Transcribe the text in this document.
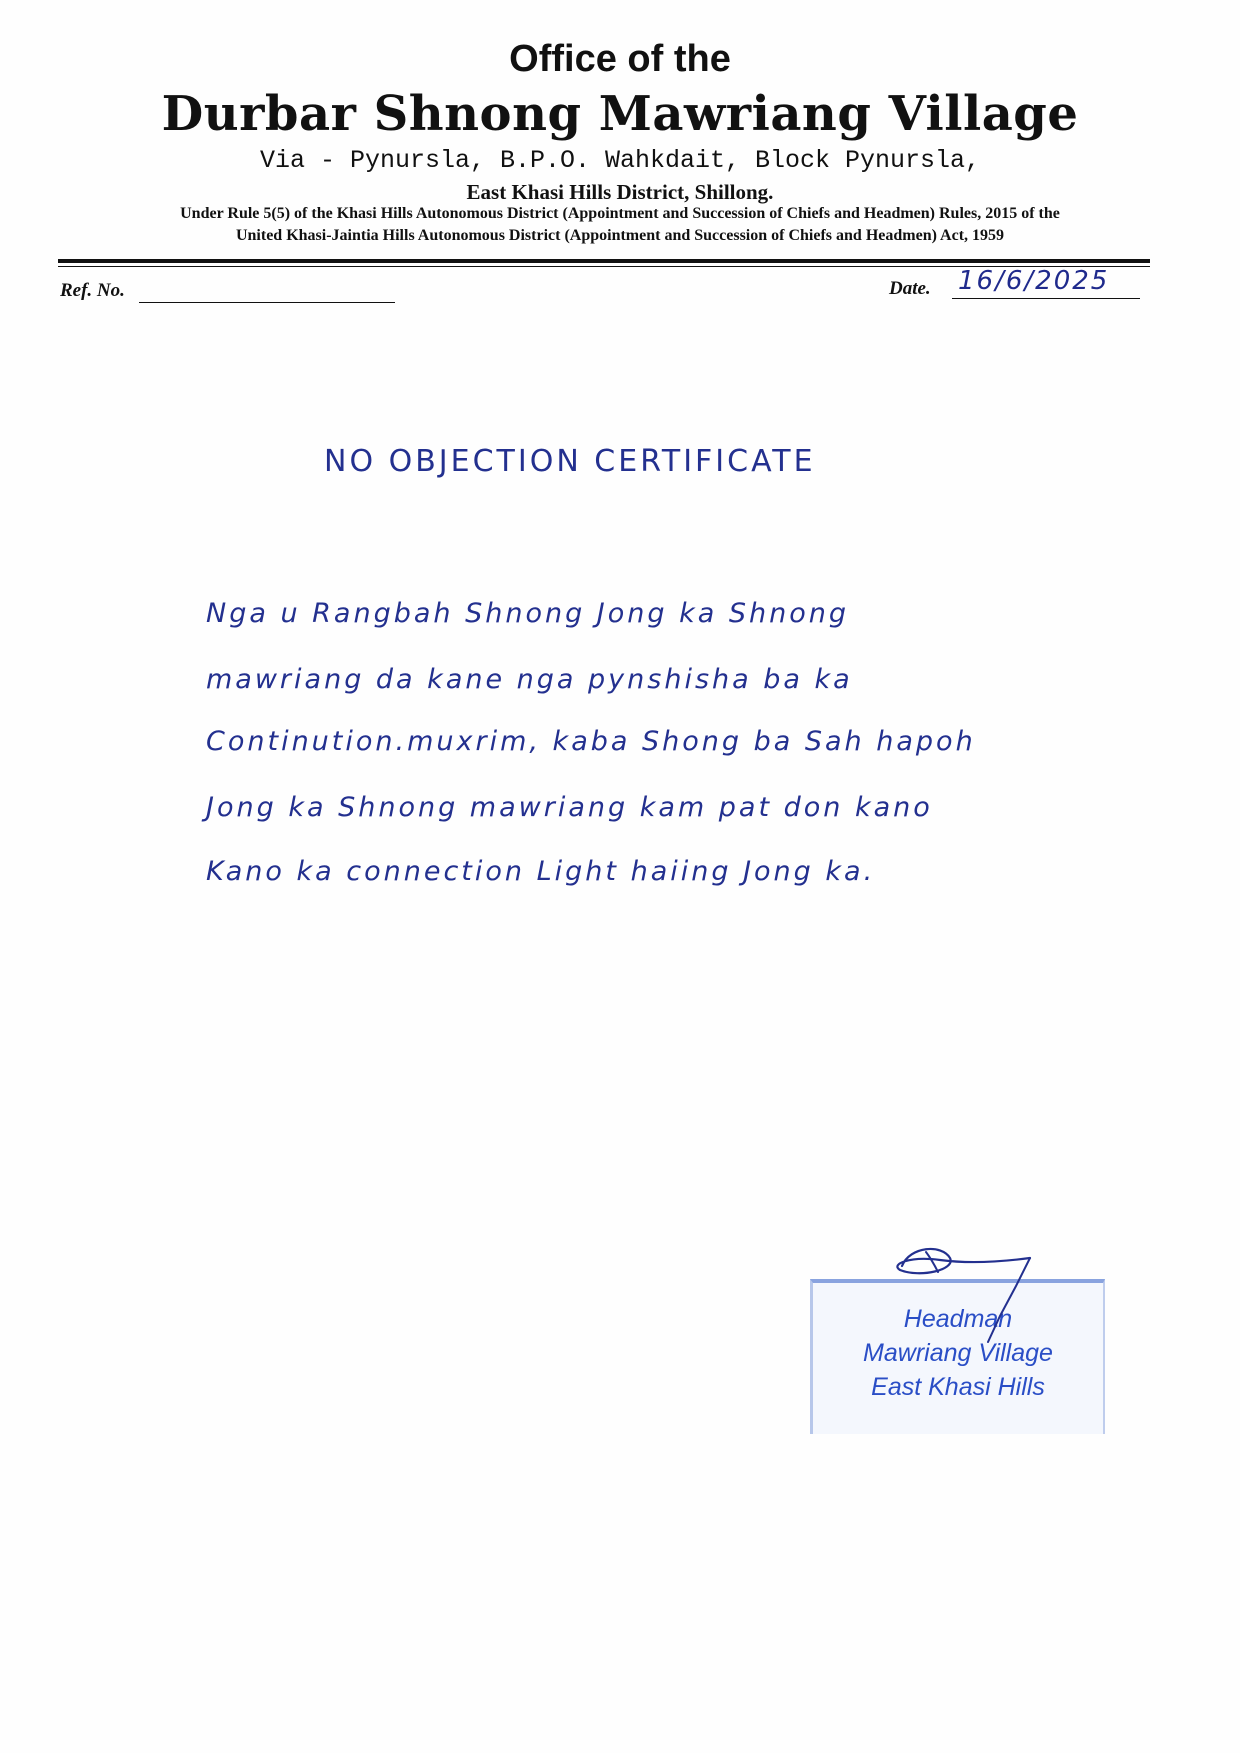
Office of the
Durbar Shnong Mawriang Village
Via - Pynursla, B.P.O. Wahkdait, Block Pynursla,
East Khasi Hills District, Shillong.
Under Rule 5(5) of the Khasi Hills Autonomous District (Appointment and Succession of Chiefs and Headmen) Rules, 2015 of the
United Khasi-Jaintia Hills Autonomous District (Appointment and Succession of Chiefs and Headmen) Act, 1959
Ref. No.	Date. 16/6/2025
NO OBJECTION CERTIFICATE
Nga u Rangbah Shnong Jong ka Shnong
mawriang da kane nga pynshisha ba ka
Continution.muxrim, kaba Shong ba Sah hapoh
Jong ka Shnong mawriang kam pat don kano
Kano ka connection Light haiing Jong ka.
Headman
Mawriang Village
East Khasi Hills
